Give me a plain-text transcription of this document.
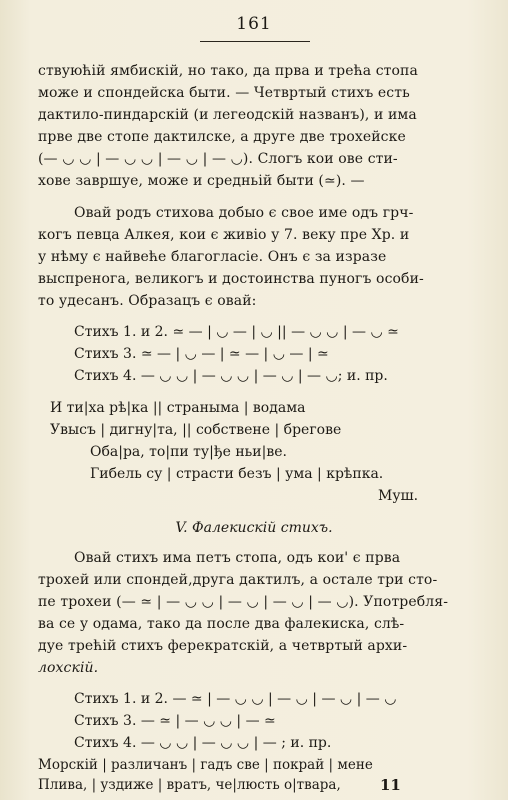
161
ствуюћій ямбискій, но тако, да прва и трећа стопа
може и спондейска быти. — Четвртый стихъ есть
дактило-пиндарскій (и легеодскій названъ), и има
прве две стопе дактилске, а друге две трохейске
(— ◡ ◡ | — ◡ ◡ | — ◡ | — ◡). Слогъ кои ове сти-
хове завршуе, може и средньій быти (≃). —
Овай родъ стихова добыо є свое име одъ грч-
когъ певца Алкея, кои є живіо у 7. веку пре Хр. и
у нѣму є найвеће благогласіе. Онъ є за изразе
выспреногa, великогъ и достоинства пуногъ особи-
то удесанъ. Образацъ є овай:
Стихъ 1. и 2. ≃ — | ◡ — | ◡ || — ◡ ◡ | — ◡ ≃
Стихъ 3. ≃ — | ◡ — | ≃ — | ◡ — | ≃
Стихъ 4. — ◡ ◡ | — ◡ ◡ | — ◡ | — ◡; и. пр.
И ти|ха рѣ|ка || страныма | водама
Увысъ | дигну|та, || собствене | брегове
Оба|ра, то|пи ту|ђе ньи|ве.
Гибель су | страсти безъ | ума | крѣпка.
Муш.
V. Фалекискій стихъ.
Овай стихъ има петъ стопа, одъ кои' є прва
трохей или спондей,друга дактилъ, а остале три сто-
пе трохеи (— ≃ | — ◡ ◡ | — ◡ | — ◡ | — ◡). Употребля-
ва се у одама, тако да после два фалекиска, слѣ-
дуе трећій стихъ ферекратскій, а четвртый архи-
лохскій.
Стихъ 1. и 2. — ≃ | — ◡ ◡ | — ◡ | — ◡ | — ◡
Стихъ 3. — ≃ | — ◡ ◡ | — ≃
Стихъ 4. — ◡ ◡ | — ◡ ◡ | — ; и. пр.
Морскій | различанъ | гадъ све | покрай | мене
Плива, | уздиже | вратъ, че|люсть о|твара,	11
